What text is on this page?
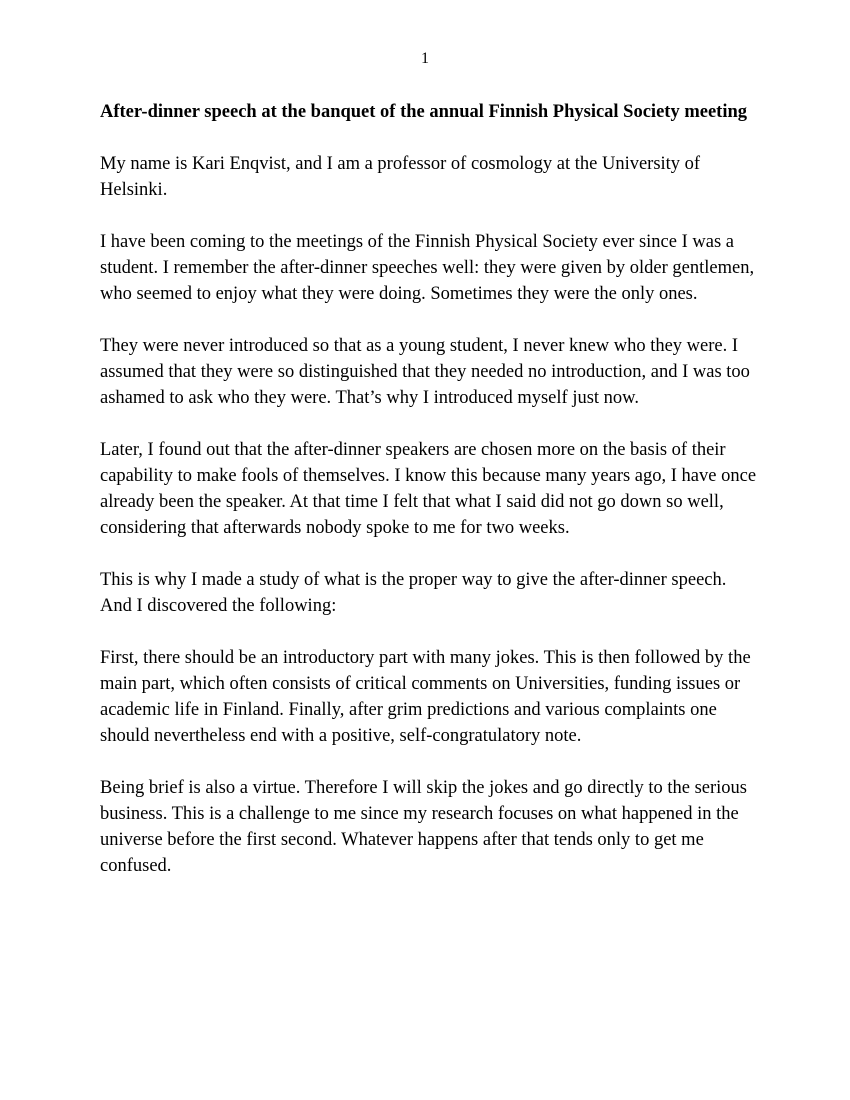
1

After-dinner speech at the banquet of the annual Finnish Physical Society meeting

My name is Kari Enqvist, and I am a professor of cosmology at the University of Helsinki.

I have been coming to the meetings of the Finnish Physical Society ever since I was a student. I remember the after-dinner speeches well: they were given by older gentlemen, who seemed to enjoy what they were doing. Sometimes they were the only ones.

They were never introduced so that as a young student, I never knew who they were. I assumed that they were so distinguished that they needed no introduction, and I was too ashamed to ask who they were. That’s why I introduced myself just now.

Later, I found out that the after-dinner speakers are chosen more on the basis of their capability to make fools of themselves. I know this because many years ago, I have once already been the speaker. At that time I felt that what I said did not go down so well, considering that afterwards nobody spoke to me for two weeks.

This is why I made a study of what is the proper way to give the after-dinner speech. And I discovered the following:

First, there should be an introductory part with many jokes. This is then followed by the main part, which often consists of critical comments on Universities, funding issues or academic life in Finland. Finally, after grim predictions and various complaints one should nevertheless end with a positive, self-congratulatory note.

Being brief is also a virtue. Therefore I will skip the jokes and go directly to the serious business. This is a challenge to me since my research focuses on what happened in the universe before the first second. Whatever happens after that tends only to get me confused.
